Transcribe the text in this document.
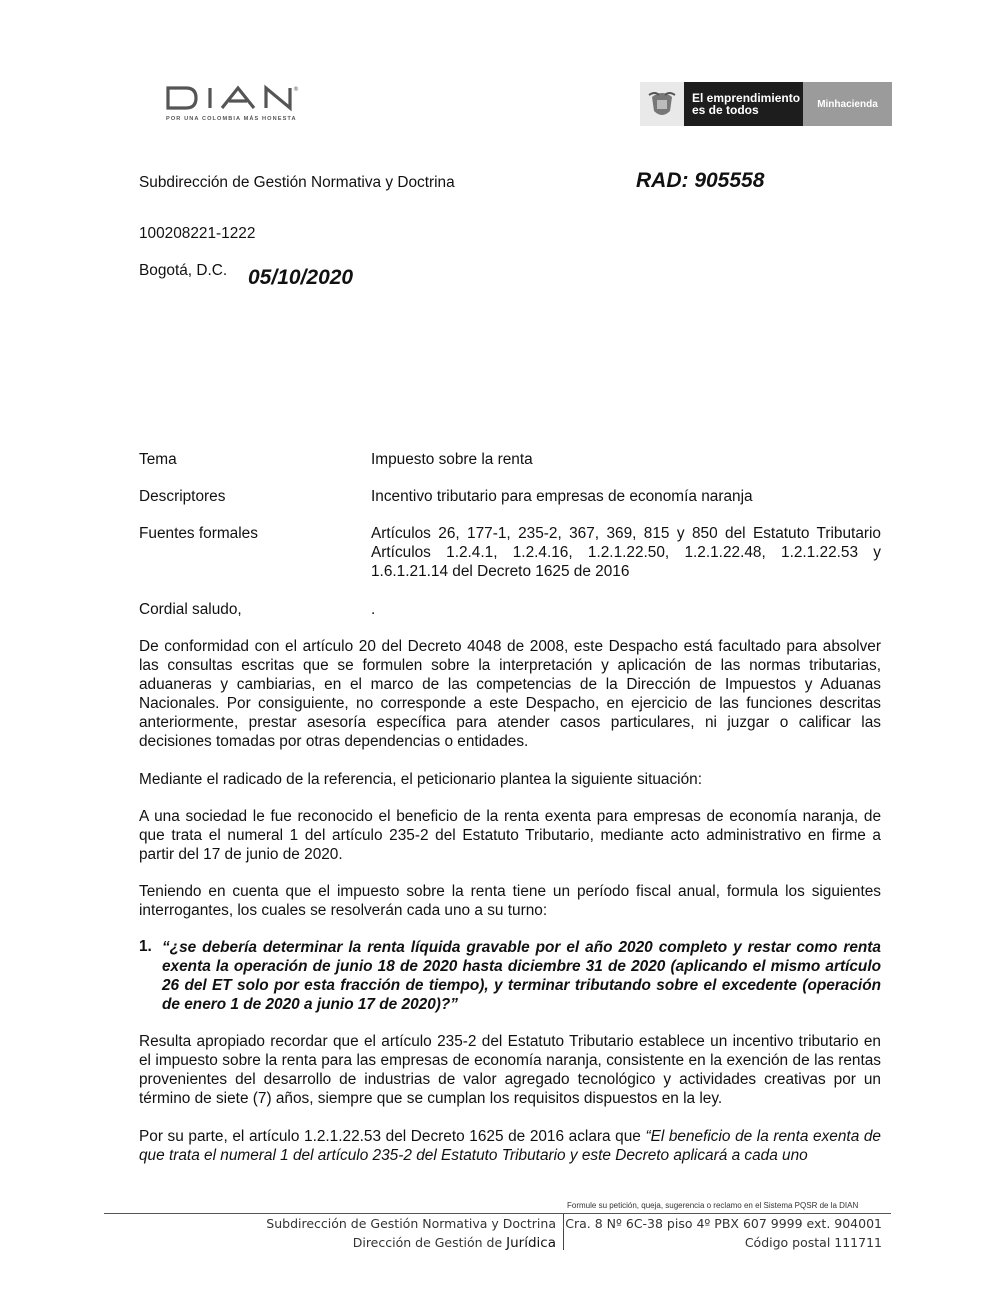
®
POR UNA COLOMBIA MÁS HONESTA
El emprendimiento
es de todos	Minhacienda
Subdirección de Gestión Normativa y Doctrina	RAD: 905558
100208221-1222
Bogotá, D.C. 05/10/2020
Tema	Impuesto sobre la renta
Descriptores	Incentivo tributario para empresas de economía naranja
Fuentes formales	Artículos 26, 177-1, 235-2, 367, 369, 815 y 850 del Estatuto Tributario Artículos 1.2.4.1, 1.2.4.16, 1.2.1.22.50, 1.2.1.22.48, 1.2.1.22.53 y 1.6.1.21.14 del Decreto 1625 de 2016
Cordial saludo,	.
De conformidad con el artículo 20 del Decreto 4048 de 2008, este Despacho está facultado para absolver las consultas escritas que se formulen sobre la interpretación y aplicación de las normas tributarias, aduaneras y cambiarias, en el marco de las competencias de la Dirección de Impuestos y Aduanas Nacionales. Por consiguiente, no corresponde a este Despacho, en ejercicio de las funciones descritas anteriormente, prestar asesoría específica para atender casos particulares, ni juzgar o calificar las decisiones tomadas por otras dependencias o entidades.
Mediante el radicado de la referencia, el peticionario plantea la siguiente situación:
A una sociedad le fue reconocido el beneficio de la renta exenta para empresas de economía naranja, de que trata el numeral 1 del artículo 235-2 del Estatuto Tributario, mediante acto administrativo en firme a partir del 17 de junio de 2020.
Teniendo en cuenta que el impuesto sobre la renta tiene un período fiscal anual, formula los siguientes interrogantes, los cuales se resolverán cada uno a su turno:
1. “¿se debería determinar la renta líquida gravable por el año 2020 completo y restar como renta exenta la operación de junio 18 de 2020 hasta diciembre 31 de 2020 (aplicando el mismo artículo 26 del ET solo por esta fracción de tiempo), y terminar tributando sobre el excedente (operación de enero 1 de 2020 a junio 17 de 2020)?”
Resulta apropiado recordar que el artículo 235-2 del Estatuto Tributario establece un incentivo tributario en el impuesto sobre la renta para las empresas de economía naranja, consistente en la exención de las rentas provenientes del desarrollo de industrias de valor agregado tecnológico y actividades creativas por un término de siete (7) años, siempre que se cumplan los requisitos dispuestos en la ley.
Por su parte, el artículo 1.2.1.22.53 del Decreto 1625 de 2016 aclara que “El beneficio de la renta exenta de que trata el numeral 1 del artículo 235-2 del Estatuto Tributario y este Decreto aplicará a cada uno
Formule su petición, queja, sugerencia o reclamo en el Sistema PQSR de la DIAN
Subdirección de Gestión Normativa y Doctrina
Dirección de Gestión de Jurídica
Cra. 8 Nº 6C-38 piso 4º PBX 607 9999 ext. 904001
Código postal 111711
